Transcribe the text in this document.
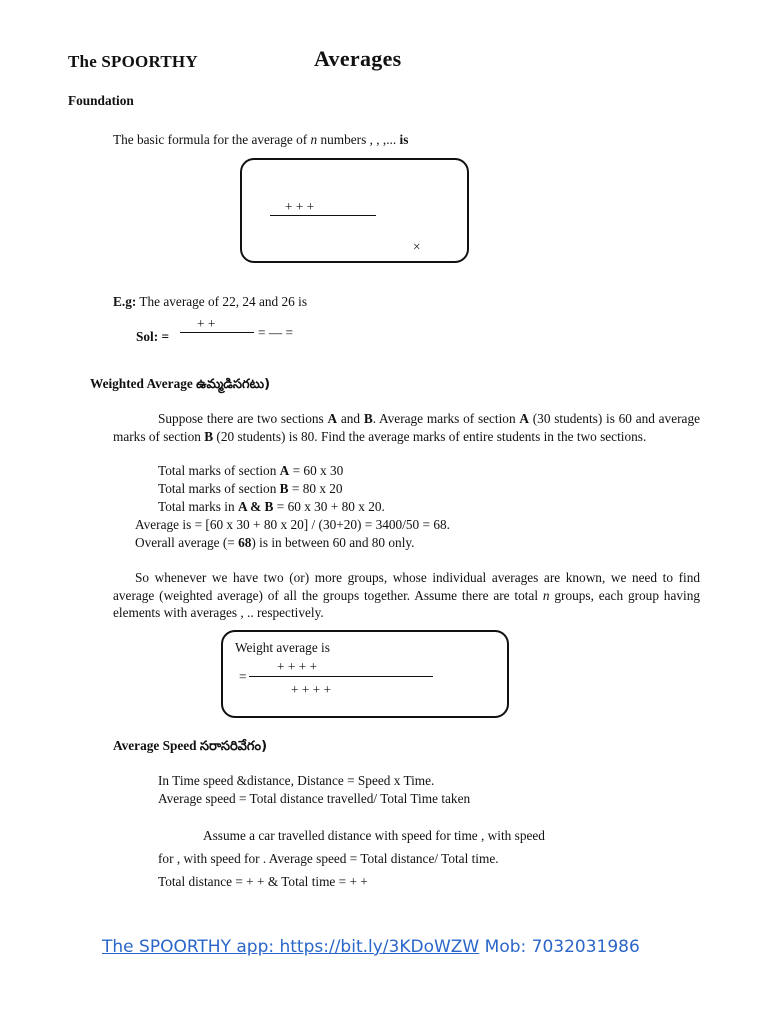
The SPOORTHY	Averages
Foundation
The basic formula for the average of n numbers , , ,... is
+ + +
×
E.g: The average of 22, 24 and 26 is
+ +
Sol: =	= — =
Weighted Average ఉమ్మడిసగటు)

Suppose there are two sections A and B. Average marks of section A (30 students) is 60 and average marks of section B (20 students) is 80. Find the average marks of entire students in the two sections.

Total marks of section A = 60 x 30
Total marks of section B = 80 x 20
Total marks in A & B = 60 x 30 + 80 x 20.
Average is = [60 x 30 + 80 x 20] / (30+20) = 3400/50 = 68.
Overall average (= 68) is in between 60 and 80 only.

So whenever we have two (or) more groups, whose individual averages are known, we need to find average (weighted average) of all the groups together. Assume there are total n groups, each group having elements with averages , .. respectively.

Weight average is
+ + + +
=
+ + + +
Average Speed సరాసరివేగం)
In Time speed &distance, Distance = Speed x Time.
Average speed = Total distance travelled/ Total Time taken
Assume a car travelled distance with speed for time , with speed
for , with speed for . Average speed = Total distance/ Total time.
Total distance = + + & Total time = + +
The SPOORTHY app: https://bit.ly/3KDoWZW Mob: 7032031986
